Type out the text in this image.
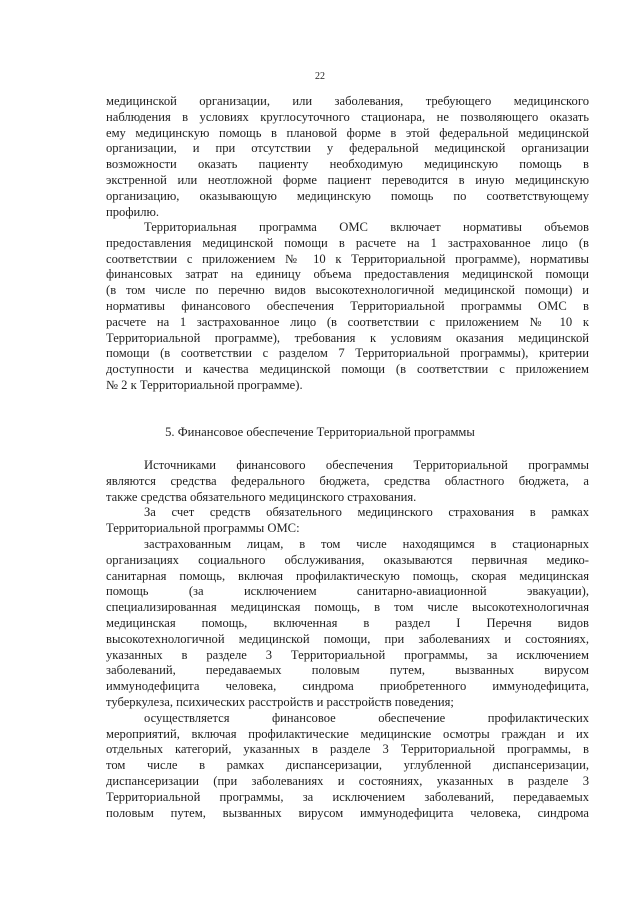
22
медицинской организации, или заболевания, требующего медицинского
наблюдения в условиях круглосуточного стационара, не позволяющего оказать
ему медицинскую помощь в плановой форме в этой федеральной медицинской
организации, и при отсутствии у федеральной медицинской организации
возможности оказать пациенту необходимую медицинскую помощь в
экстренной или неотложной форме пациент переводится в иную медицинскую
организацию, оказывающую медицинскую помощь по соответствующему
профилю.
Территориальная программа ОМС включает нормативы объемов
предоставления медицинской помощи в расчете на 1 застрахованное лицо (в
соответствии с приложением № 10 к Территориальной программе), нормативы
финансовых затрат на единицу объема предоставления медицинской помощи
(в том числе по перечню видов высокотехнологичной медицинской помощи) и
нормативы финансового обеспечения Территориальной программы ОМС в
расчете на 1 застрахованное лицо (в соответствии с приложением № 10 к
Территориальной программе), требования к условиям оказания медицинской
помощи (в соответствии с разделом 7 Территориальной программы), критерии
доступности и качества медицинской помощи (в соответствии с приложением
№ 2 к Территориальной программе).
5. Финансовое обеспечение Территориальной программы
Источниками финансового обеспечения Территориальной программы
являются средства федерального бюджета, средства областного бюджета, а
также средства обязательного медицинского страхования.
За счет средств обязательного медицинского страхования в рамках
Территориальной программы ОМС:
застрахованным лицам, в том числе находящимся в стационарных
организациях социального обслуживания, оказываются первичная медико-
санитарная помощь, включая профилактическую помощь, скорая медицинская
помощь (за исключением санитарно-авиационной эвакуации),
специализированная медицинская помощь, в том числе высокотехнологичная
медицинская помощь, включенная в раздел I Перечня видов
высокотехнологичной медицинской помощи, при заболеваниях и состояниях,
указанных в разделе 3 Территориальной программы, за исключением
заболеваний, передаваемых половым путем, вызванных вирусом
иммунодефицита человека, синдрома приобретенного иммунодефицита,
туберкулеза, психических расстройств и расстройств поведения;
осуществляется финансовое обеспечение профилактических
мероприятий, включая профилактические медицинские осмотры граждан и их
отдельных категорий, указанных в разделе 3 Территориальной программы, в
том числе в рамках диспансеризации, углубленной диспансеризации,
диспансеризации (при заболеваниях и состояниях, указанных в разделе 3
Территориальной программы, за исключением заболеваний, передаваемых
половым путем, вызванных вирусом иммунодефицита человека, синдрома
